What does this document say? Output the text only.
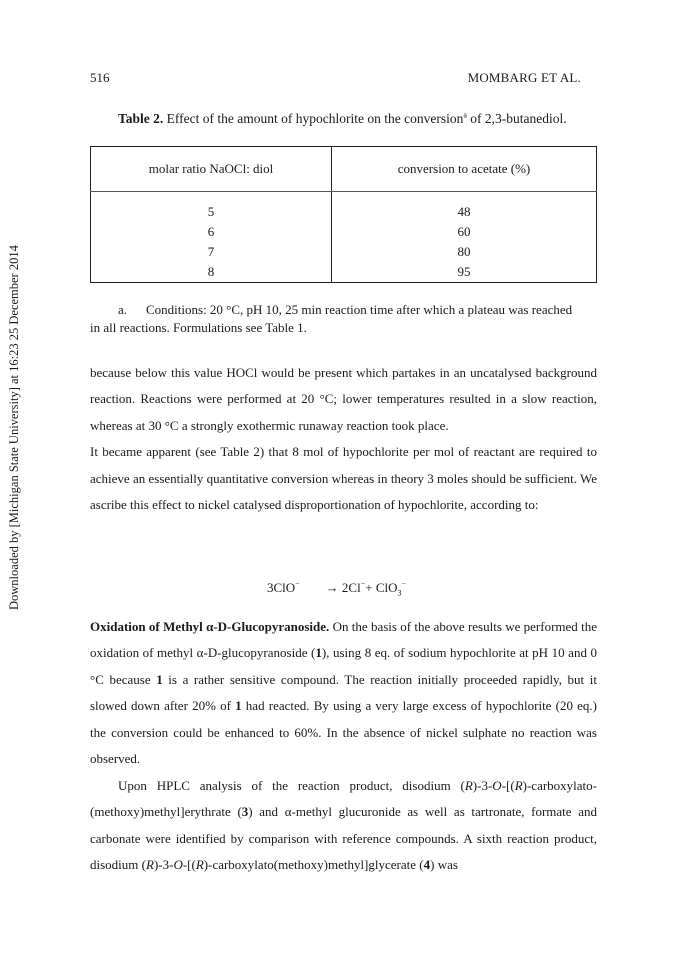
516	MOMBARG ET AL.
Table 2. Effect of the amount of hypochlorite on the conversion$^a$ of 2,3-butanediol.
molar ratio NaOCl: diol	conversion to acetate (%)
5	48
6	60
7	80
8	95
a. Conditions: 20 °C, pH 10, 25 min reaction time after which a plateau was reached
in all reactions. Formulations see Table 1.
because below this value HOCl would be present which partakes in an uncatalysed background reaction. Reactions were performed at 20 °C; lower temperatures resulted in a slow reaction, whereas at 30 °C a strongly exothermic runaway reaction took place.
It became apparent (see Table 2) that 8 mol of hypochlorite per mol of reactant are required to achieve an essentially quantitative conversion whereas in theory 3 moles should be sufficient. We ascribe this effect to nickel catalysed disproportionation of hypochlorite, according to:
3ClO− → 2Cl−+ ClO$_3$−
Oxidation of Methyl α-D-Glucopyranoside. On the basis of the above results we performed the oxidation of methyl α-D-glucopyranoside (1), using 8 eq. of sodium hypochlorite at pH 10 and 0 °C because 1 is a rather sensitive compound. The reaction initially proceeded rapidly, but it slowed down after 20% of 1 had reacted. By using a very large excess of hypochlorite (20 eq.) the conversion could be enhanced to 60%. In the absence of nickel sulphate no reaction was observed.
Upon HPLC analysis of the reaction product, disodium (R)-3-O-[(R)-carboxylato-(methoxy)methyl]erythrate (3) and α-methyl glucuronide as well as tartronate, formate and carbonate were identified by comparison with reference compounds. A sixth reaction product, disodium (R)-3-O-[(R)-carboxylato(methoxy)methyl]glycerate (4) was
Downloaded by [Michigan State University] at 16:23 25 December 2014
